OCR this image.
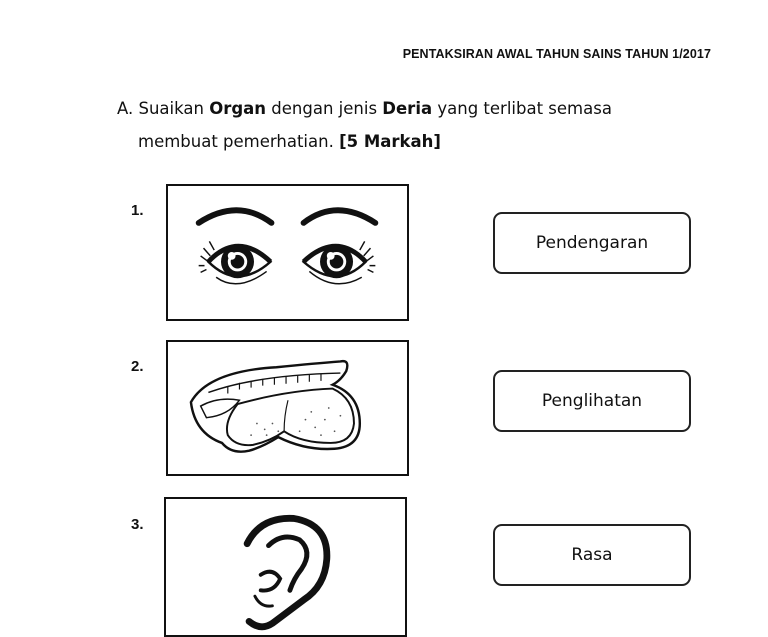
PENTAKSIRAN AWAL TAHUN SAINS TAHUN 1/2017
A. Suaikan Organ dengan jenis Deria yang terlibat semasa
membuat pemerhatian. [5 Markah]
1.
Pendengaran
2.
Penglihatan
3.
Rasa
